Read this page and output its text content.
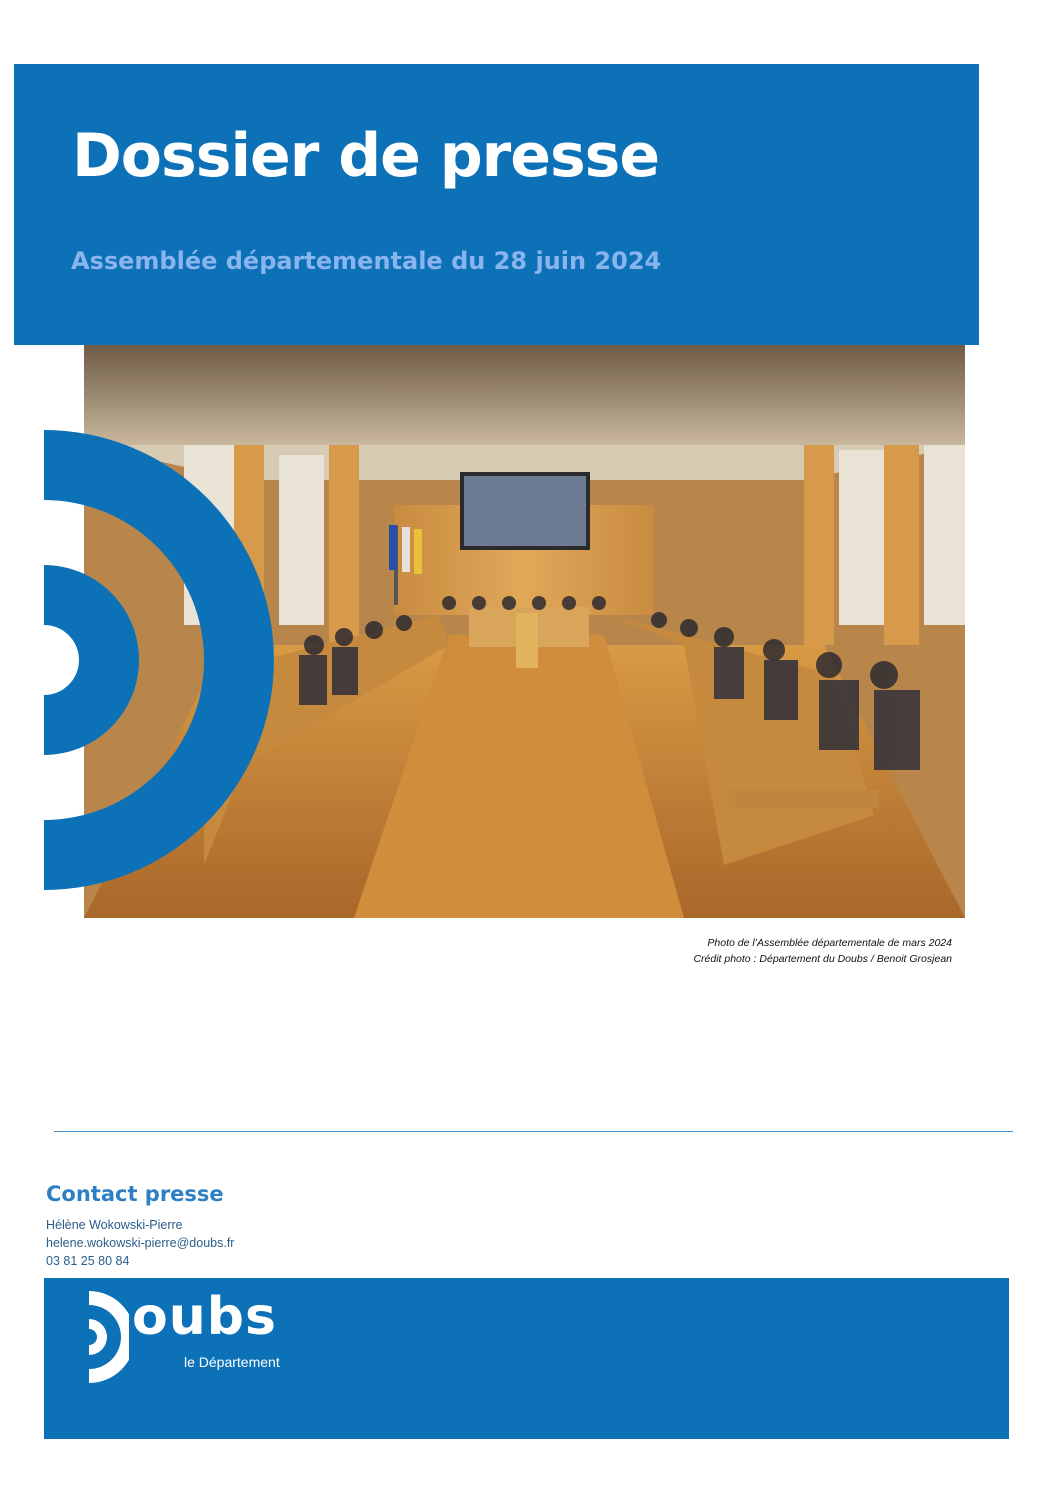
Dossier de presse
Assemblée départementale du 28 juin 2024
Photo de l’Assemblée départementale de mars 2024
Crédit photo : Département du Doubs / Benoit Grosjean
Contact presse
Hélène Wokowski-Pierre
helene.wokowski-pierre@doubs.fr
03 81 25 80 84
oubs
le Département
